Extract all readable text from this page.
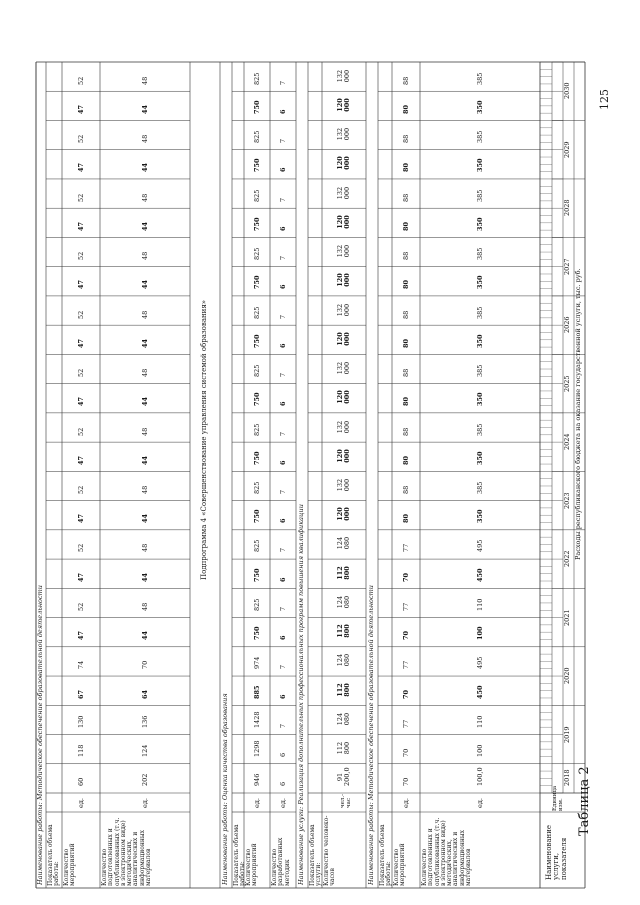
Таблица 2
125
Наименование услуги, показателя
Единица изм.
Расходы республиканского бюджета на оказание государственной услуги, тыс. руб.
2018
2019
2020
2021
2022
2023
2024
2025
2026
2027
2028
2029
2030
Наименование работы: Методическое обеспечение образовательной деятельности	Наименование работы: Оценка качества образования
Подпрограмма 4 «Совершенствование управления системой образования»
Наименование услуги: Реализация дополнительных профессиональных программ повышения квалификации	Наименование работы: Методическое обеспечение образовательной деятельности
Показатель объема работы: Количество мероприятий
ед.
60
118
130
67
74
47
52
47
52
47
52
47
52
47
52
47
52
47
52
47
52
47
52
47
52
Количество подготовленных и опубликованных (т.ч. в электронном виде) методических, аналитических и информационных материалов
ед.
202
124
136
64
70
44
48
44
48
44
48
44
48
44
48
44
48
44
48
44
48
44
48
44
48
Показатель объема работы:
Количество мероприятий
ед.
946
1298
1428
885
974
750
825
750
825
750
825
750
825
750
825
750
825
750
825
750
825
750
825
750
825
Количество разработанных методик
ед.
6
6
7
6
7
6
7
6
7
6
7
6
7
6
7
6
7
6
7
6
7
6
7
6
7
Показатель объема услуги: Количество человеко-часов
чел.-час
91 200,0
112 800
124 080
112 800
124 080
112 800
124 080
112 800
124 080
120 000
132 000
120 000
132 000
120 000
132 000
120 000
132 000
120 000
132 000
120 000
132 000
120 000
132 000
120 000
132 000
Показатель объема работы: Количество мероприятий
ед.
70
70
77
70
77
70
77
70
77
80
88
80
88
80
88
80
88
80
88
80
88
80
88
80
88
Количество подготовленных и опубликованных (т.ч. в электронном виде) методических, аналитических и информационных материалов
ед.
100,0
100
110
450
495
100
110
450
495
350
385
350
385
350
385
350
385
350
385
350
385
350
385
350
385
